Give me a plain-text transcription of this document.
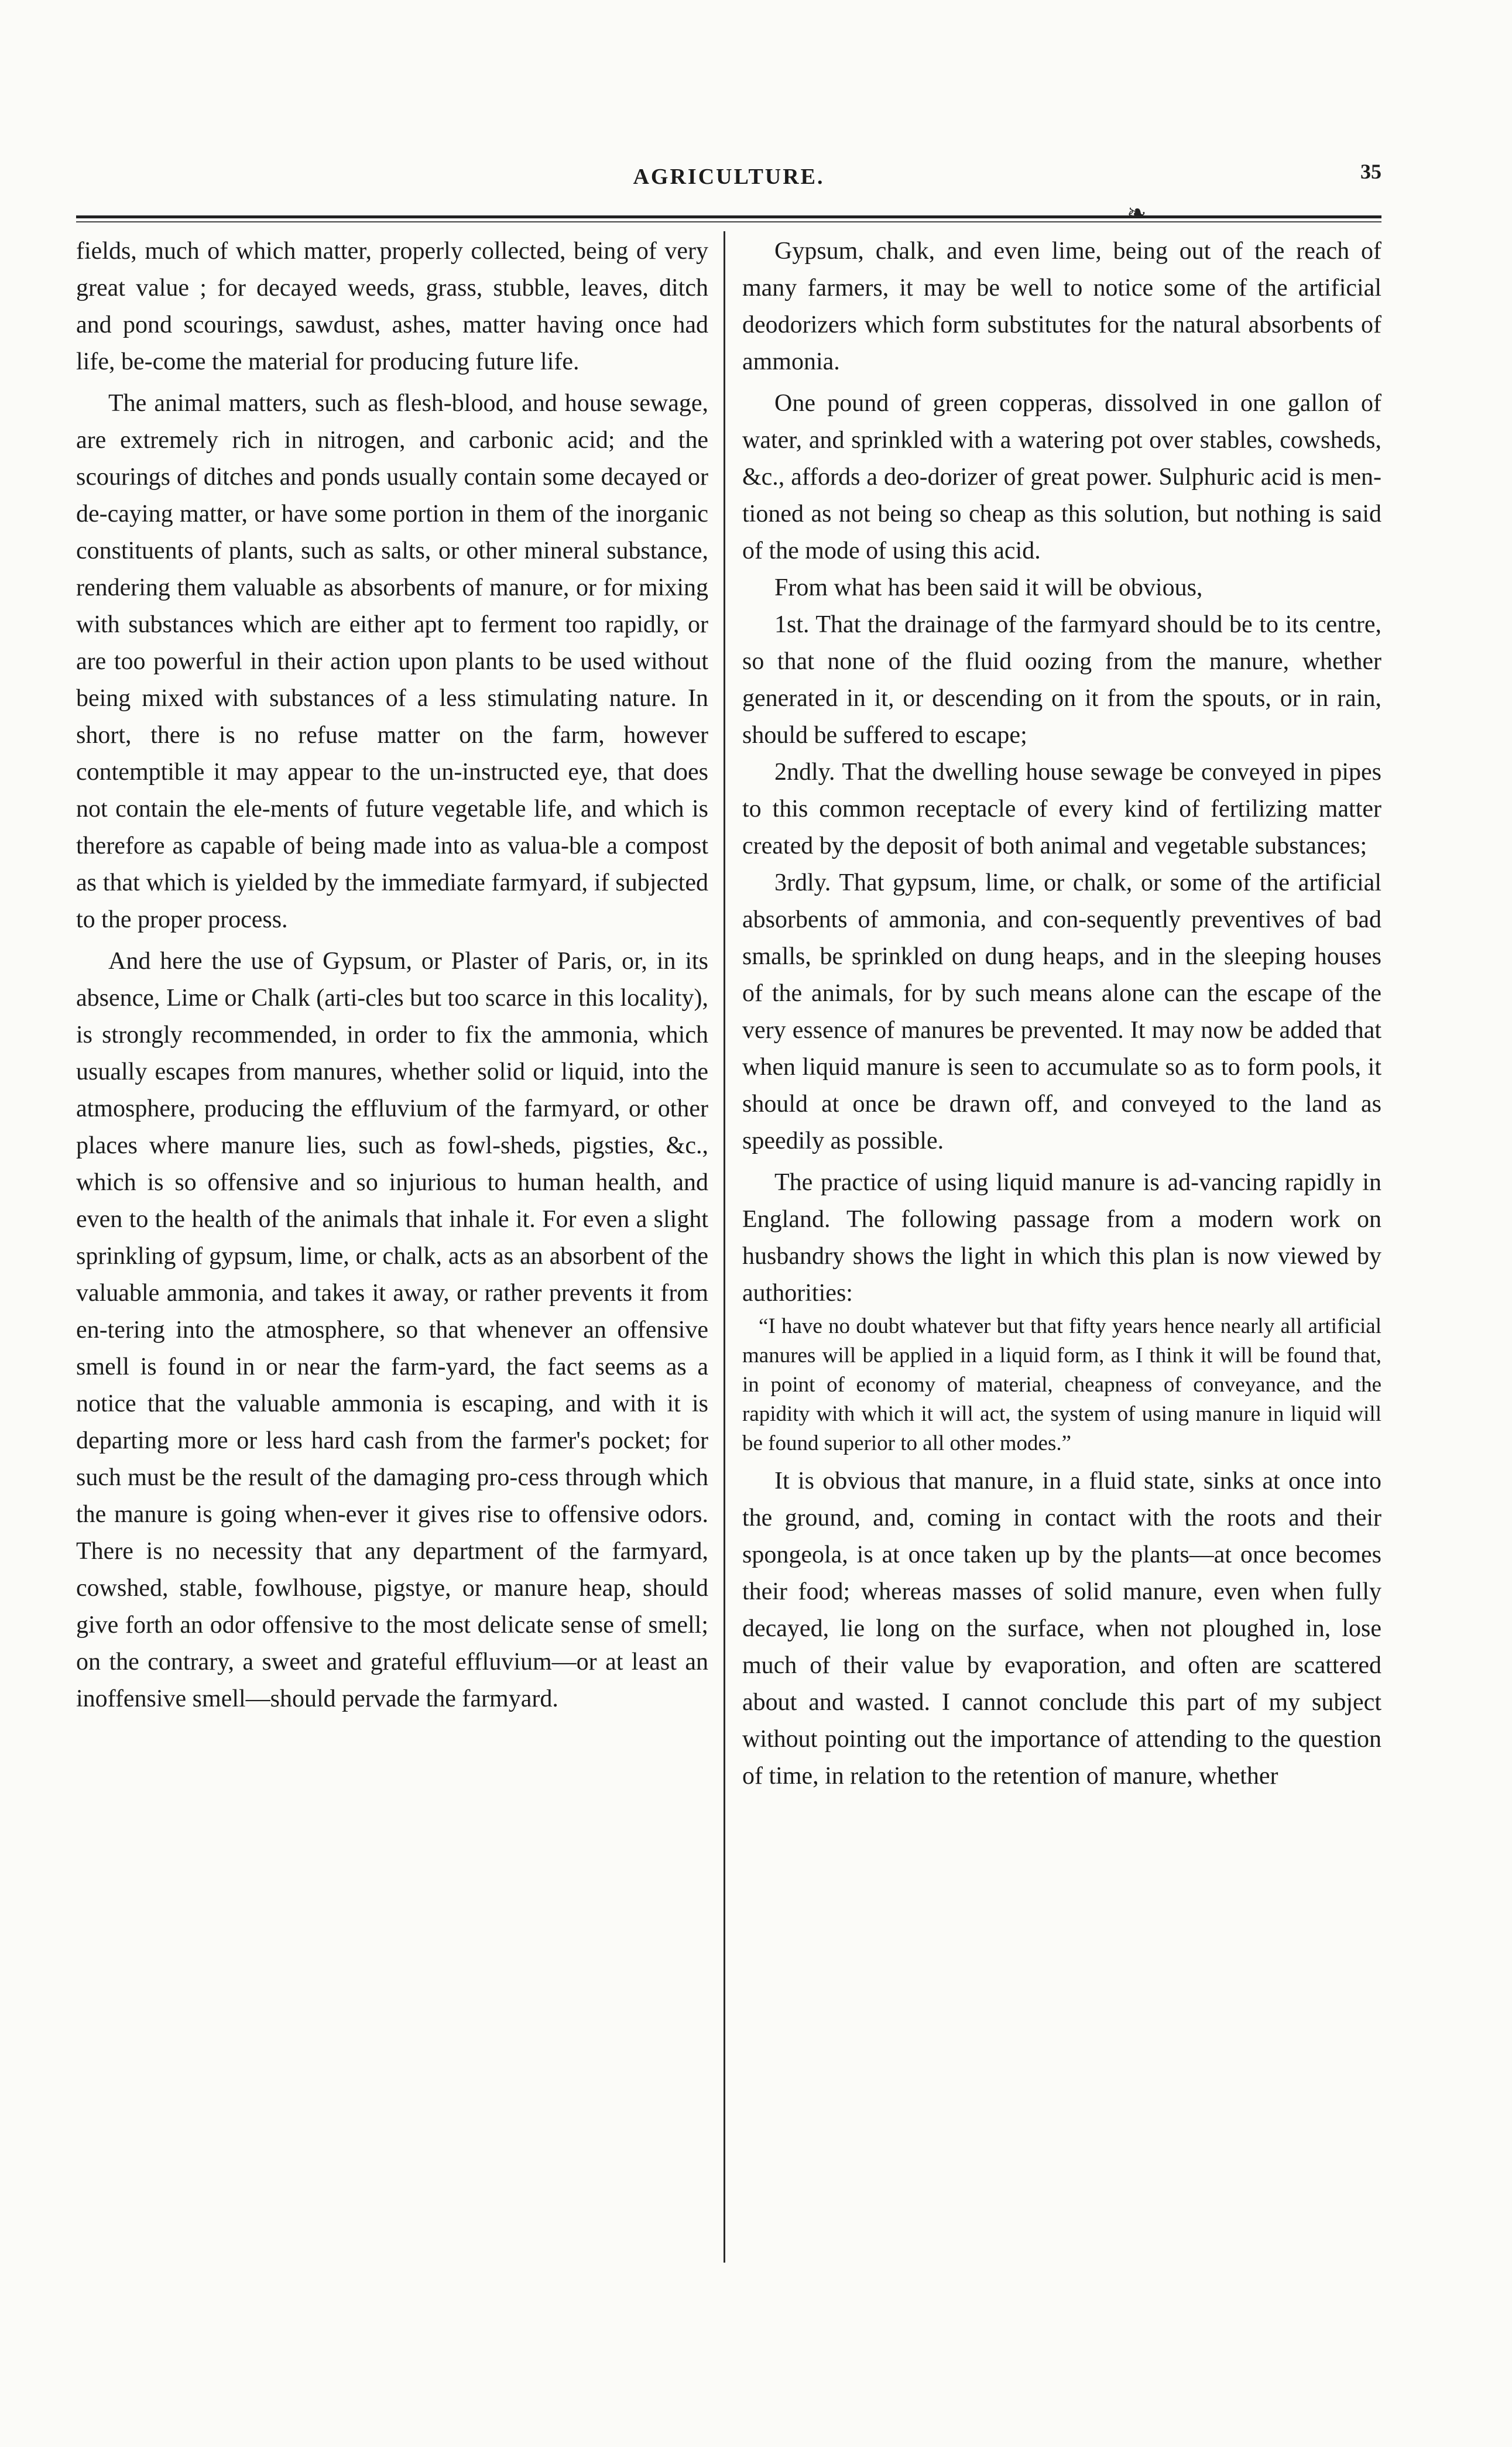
AGRICULTURE.	35
❧

fields, much of which matter, properly collected, being of very great value ; for decayed weeds, grass, stubble, leaves, ditch and pond scourings, sawdust, ashes, matter having once had life, be-come the material for producing future life.

The animal matters, such as flesh-blood, and house sewage, are extremely rich in nitrogen, and carbonic acid; and the scourings of ditches and ponds usually contain some decayed or de-caying matter, or have some portion in them of the inorganic constituents of plants, such as salts, or other mineral substance, rendering them valuable as absorbents of manure, or for mixing with substances which are either apt to ferment too rapidly, or are too powerful in their action upon plants to be used without being mixed with substances of a less stimulating nature. In short, there is no refuse matter on the farm, however contemptible it may appear to the un-instructed eye, that does not contain the ele-ments of future vegetable life, and which is therefore as capable of being made into as valua-ble a compost as that which is yielded by the immediate farmyard, if subjected to the proper process.

And here the use of Gypsum, or Plaster of Paris, or, in its absence, Lime or Chalk (arti-cles but too scarce in this locality), is strongly recommended, in order to fix the ammonia, which usually escapes from manures, whether solid or liquid, into the atmosphere, producing the effluvium of the farmyard, or other places where manure lies, such as fowl-sheds, pigsties, &c., which is so offensive and so injurious to human health, and even to the health of the animals that inhale it. For even a slight sprinkling of gypsum, lime, or chalk, acts as an absorbent of the valuable ammonia, and takes it away, or rather prevents it from en-tering into the atmosphere, so that whenever an offensive smell is found in or near the farm-yard, the fact seems as a notice that the valuable ammonia is escaping, and with it is departing more or less hard cash from the farmer's pocket; for such must be the result of the damaging pro-cess through which the manure is going when-ever it gives rise to offensive odors. There is no necessity that any department of the farmyard, cowshed, stable, fowlhouse, pigstye, or manure heap, should give forth an odor offensive to the most delicate sense of smell; on the contrary, a sweet and grateful effluvium—or at least an inoffensive smell—should pervade the farmyard.

Gypsum, chalk, and even lime, being out of the reach of many farmers, it may be well to notice some of the artificial deodorizers which form substitutes for the natural absorbents of ammonia.

One pound of green copperas, dissolved in one gallon of water, and sprinkled with a watering pot over stables, cowsheds, &c., affords a deo-dorizer of great power. Sulphuric acid is men-tioned as not being so cheap as this solution, but nothing is said of the mode of using this acid.

From what has been said it will be obvious,

1st. That the drainage of the farmyard should be to its centre, so that none of the fluid oozing from the manure, whether generated in it, or descending on it from the spouts, or in rain, should be suffered to escape;

2ndly. That the dwelling house sewage be conveyed in pipes to this common receptacle of every kind of fertilizing matter created by the deposit of both animal and vegetable substances;

3rdly. That gypsum, lime, or chalk, or some of the artificial absorbents of ammonia, and con-sequently preventives of bad smalls, be sprinkled on dung heaps, and in the sleeping houses of the animals, for by such means alone can the escape of the very essence of manures be prevented. It may now be added that when liquid manure is seen to accumulate so as to form pools, it should at once be drawn off, and conveyed to the land as speedily as possible.

The practice of using liquid manure is ad-vancing rapidly in England. The following passage from a modern work on husbandry shows the light in which this plan is now viewed by authorities:

“I have no doubt whatever but that fifty years hence nearly all artificial manures will be applied in a liquid form, as I think it will be found that, in point of economy of material, cheapness of conveyance, and the rapidity with which it will act, the system of using manure in liquid will be found superior to all other modes.”

It is obvious that manure, in a fluid state, sinks at once into the ground, and, coming in contact with the roots and their spongeola, is at once taken up by the plants—at once becomes their food; whereas masses of solid manure, even when fully decayed, lie long on the surface, when not ploughed in, lose much of their value by evaporation, and often are scattered about and wasted. I cannot conclude this part of my subject without pointing out the importance of attending to the question of time, in relation to the retention of manure, whether
